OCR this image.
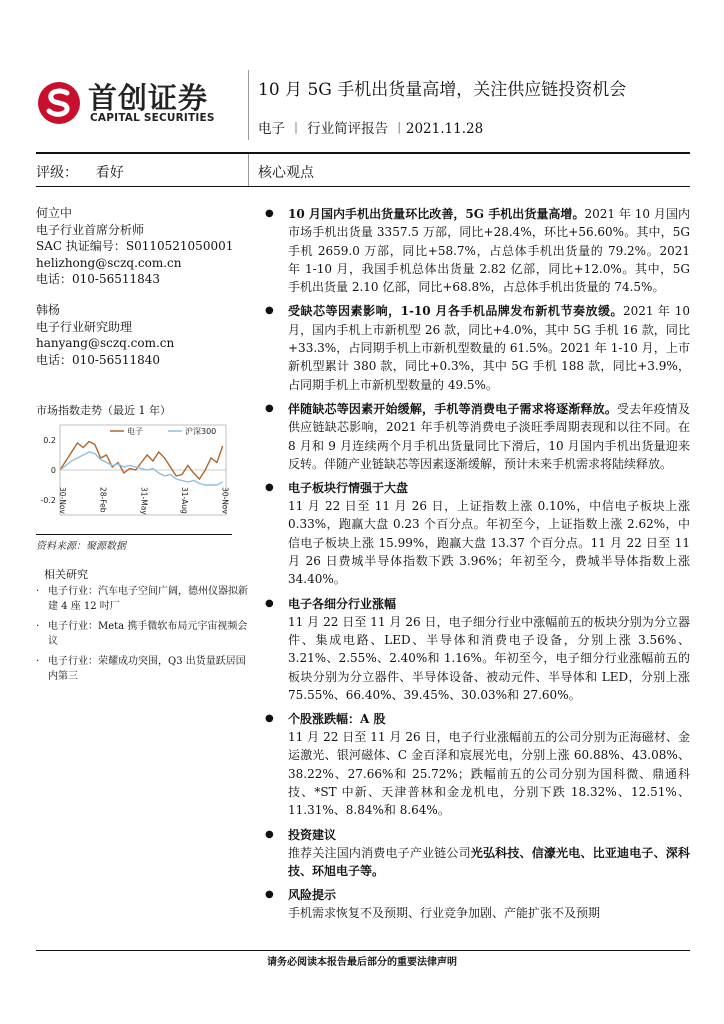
首创证券
CAPITAL SECURITIES
10 月 5G 手机出货量高增，关注供应链投资机会
电子 ︱ 行业简评报告 ︱2021.11.28
评级：    看好	核心观点
何立中
电子行业首席分析师
SAC 执证编号：S0110521050001
helizhong@sczq.com.cn
电话：010-56511843
韩杨
电子行业研究助理
hanyang@sczq.com.cn
电话：010-56511840
市场指数走势（最近 1 年）
0.2
0
-0.2
电子	沪深300
30-Nov	28-Feb	31-May	31-Aug	30-Nov
资料来源：聚源数据
相关研究
· 电子行业：汽车电子空间广阔，德州仪器拟新建 4 座 12 吋厂
· 电子行业：Meta 携手微软布局元宇宙视频会议
· 电子行业：荣耀成功突围，Q3 出货量跃居国内第三
● 10 月国内手机出货量环比改善，5G 手机出货量高增。2021 年 10 月国内市场手机出货量 3357.5 万部，同比+28.4%，环比+56.60%。其中，5G 手机 2659.0 万部，同比+58.7%，占总体手机出货量的 79.2%。2021 年 1-10 月，我国手机总体出货量 2.82 亿部，同比+12.0%。其中，5G 手机出货量 2.10 亿部，同比+68.8%，占总体手机出货量的 74.5%。
● 受缺芯等因素影响，1-10 月各手机品牌发布新机节奏放缓。2021 年 10 月，国内手机上市新机型 26 款，同比+4.0%，其中 5G 手机 16 款，同比+33.3%，占同期手机上市新机型数量的 61.5%。2021 年 1-10 月，上市新机型累计 380 款，同比+0.3%，其中 5G 手机 188 款，同比+3.9%，占同期手机上市新机型数量的 49.5%。
● 伴随缺芯等因素开始缓解，手机等消费电子需求将逐渐释放。受去年疫情及供应链缺芯影响，2021 年手机等消费电子淡旺季周期表现和以往不同。在 8 月和 9 月连续两个月手机出货量同比下滑后，10 月国内手机出货量迎来反转。伴随产业链缺芯等因素逐渐缓解，预计未来手机需求将陆续释放。
● 电子板块行情强于大盘
11 月 22 日至 11 月 26 日，上证指数上涨 0.10%，中信电子板块上涨 0.33%，跑赢大盘 0.23 个百分点。年初至今，上证指数上涨 2.62%，中信电子板块上涨 15.99%，跑赢大盘 13.37 个百分点。11 月 22 日至 11 月 26 日费城半导体指数下跌 3.96%；年初至今，费城半导体指数上涨 34.40%。
● 电子各细分行业涨幅
11 月 22 日至 11 月 26 日，电子细分行业中涨幅前五的板块分别为分立器件、集成电路、LED、半导体和消费电子设备，分别上涨 3.56%、3.21%、2.55%、2.40%和 1.16%。年初至今，电子细分行业涨幅前五的板块分别为分立器件、半导体设备、被动元件、半导体和 LED，分别上涨 75.55%、66.40%、39.45%、30.03%和 27.60%。
● 个股涨跌幅：A 股
11 月 22 日至 11 月 26 日，电子行业涨幅前五的公司分别为正海磁材、金运激光、银河磁体、C 金百泽和宸展光电，分别上涨 60.88%、43.08%、38.22%、27.66%和 25.72%；跌幅前五的公司分别为国科微、鼎通科技、*ST 中新、天津普林和金龙机电，分别下跌 18.32%、12.51%、11.31%、8.84%和 8.64%。
● 投资建议
推荐关注国内消费电子产业链公司光弘科技、信濠光电、比亚迪电子、深科技、环旭电子等。
● 风险提示
手机需求恢复不及预期、行业竞争加剧、产能扩张不及预期
请务必阅读本报告最后部分的重要法律声明
